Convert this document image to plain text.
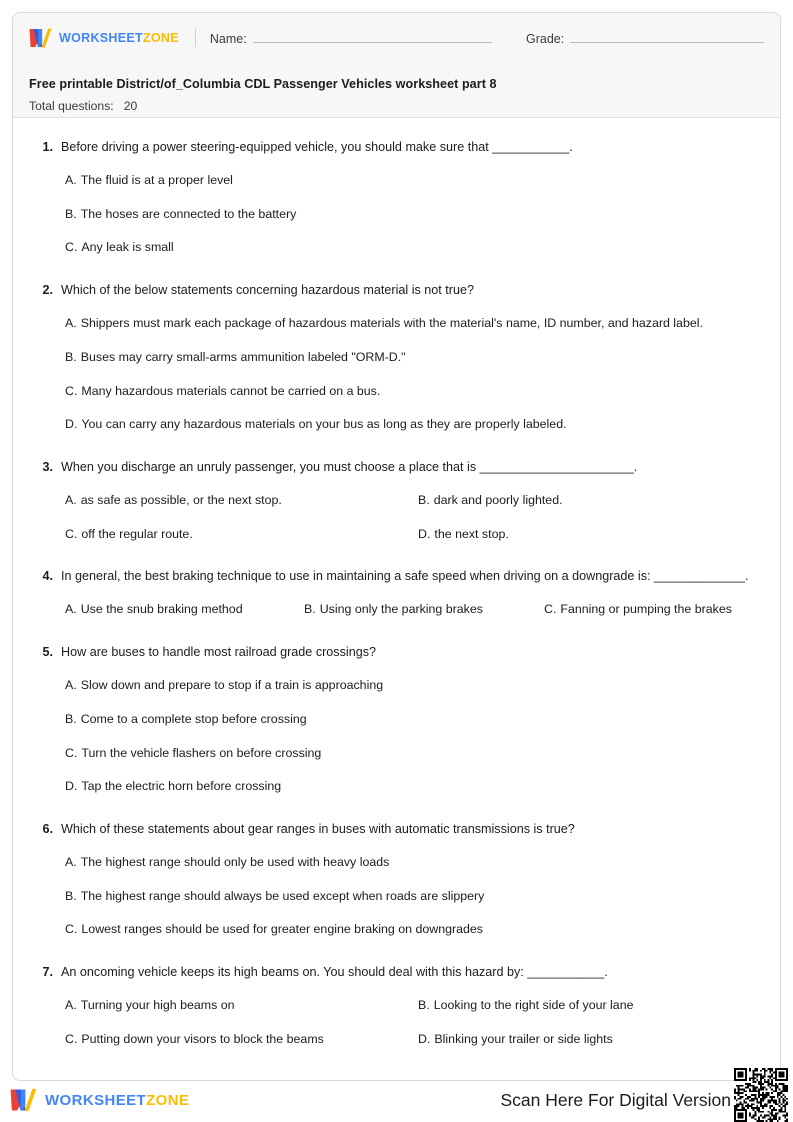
WORKSHEETZONE Name:	Grade:
Free printable District/of_Columbia CDL Passenger Vehicles worksheet part 8
Total questions: 20
1. Before driving a power steering-equipped vehicle, you should make sure that ___________.
A. The fluid is at a proper level
B. The hoses are connected to the battery
C. Any leak is small
2. Which of the below statements concerning hazardous material is not true?
A. Shippers must mark each package of hazardous materials with the material's name, ID number, and hazard label.
B. Buses may carry small-arms ammunition labeled "ORM-D."
C. Many hazardous materials cannot be carried on a bus.
D. You can carry any hazardous materials on your bus as long as they are properly labeled.
3. When you discharge an unruly passenger, you must choose a place that is ______________________.
A. as safe as possible, or the next stop.	B. dark and poorly lighted.
C. off the regular route.	D. the next stop.
4. In general, the best braking technique to use in maintaining a safe speed when driving on a downgrade is: _____________.
A. Use the snub braking method	B. Using only the parking brakes	C. Fanning or pumping the brakes
5. How are buses to handle most railroad grade crossings?
A. Slow down and prepare to stop if a train is approaching
B. Come to a complete stop before crossing
C. Turn the vehicle flashers on before crossing
D. Tap the electric horn before crossing
6. Which of these statements about gear ranges in buses with automatic transmissions is true?
A. The highest range should only be used with heavy loads
B. The highest range should always be used except when roads are slippery
C. Lowest ranges should be used for greater engine braking on downgrades
7. An oncoming vehicle keeps its high beams on. You should deal with this hazard by: ___________.
A. Turning your high beams on	B. Looking to the right side of your lane
C. Putting down your visors to block the beams	D. Blinking your trailer or side lights
WORKSHEETZONE	Scan Here For Digital Version
